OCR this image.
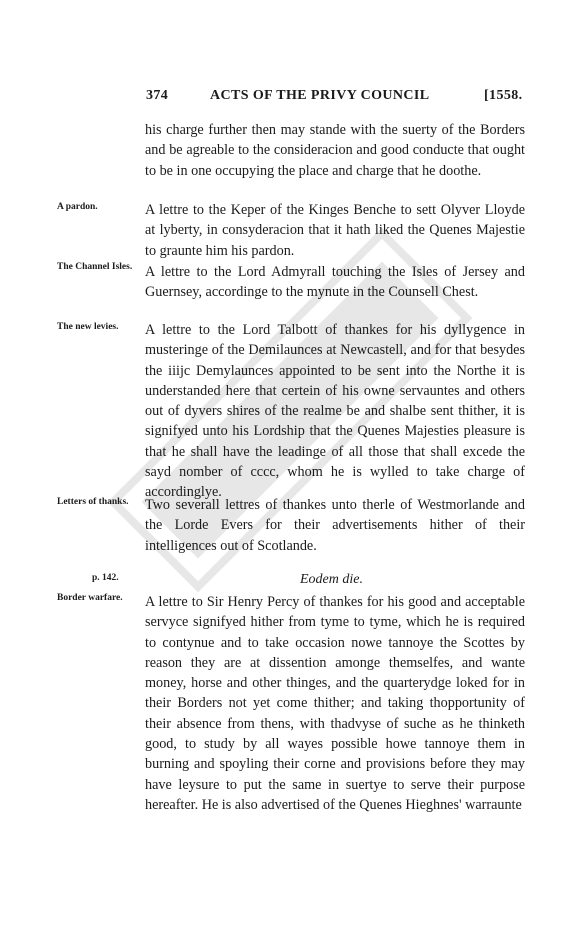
374	ACTS OF THE PRIVY COUNCIL	[1558.
A pardon.
The Channel Isles.
The new levies.
Letters of thanks.
p. 142.
Border warfare.
his charge further then may stande with the suerty of the Borders and be agreable to the consideracion and good conducte that ought to be in one occupying the place and charge that he doothe.
A lettre to the Keper of the Kinges Benche to sett Olyver Lloyde at lyberty, in consyderacion that it hath liked the Quenes Majestie to graunte him his pardon.
A lettre to the Lord Admyrall touching the Isles of Jersey and Guernsey, accordinge to the mynute in the Counsell Chest.
A lettre to the Lord Talbott of thankes for his dyllygence in musteringe of the Demilaunces at Newcastell, and for that besydes the iiijc Demylaunces appointed to be sent into the Northe it is understanded here that certein of his owne servauntes and others out of dyvers shires of the realme be and shalbe sent thither, it is signifyed unto his Lordship that the Quenes Majesties pleasure is that he shall have the leadinge of all those that shall excede the sayd nomber of cccc, whom he is wylled to take charge of accordinglye.
Two severall lettres of thankes unto therle of Westmorlande and the Lorde Evers for their advertisements hither of their intelligences out of Scotlande.
Eodem die.
A lettre to Sir Henry Percy of thankes for his good and acceptable servyce signifyed hither from tyme to tyme, which he is required to contynue and to take occasion nowe tannoye the Scottes by reason they are at dissention amonge themselfes, and wante money, horse and other thinges, and the quarterydge loked for in their Borders not yet come thither; and taking thopportunity of their absence from thens, with thadvyse of suche as he thinketh good, to study by all wayes possible howe tannoye them in burning and spoyling their corne and provisions before they may have leysure to put the same in suertye to serve their purpose hereafter. He is also advertised of the Quenes Hieghnes' warraunte
